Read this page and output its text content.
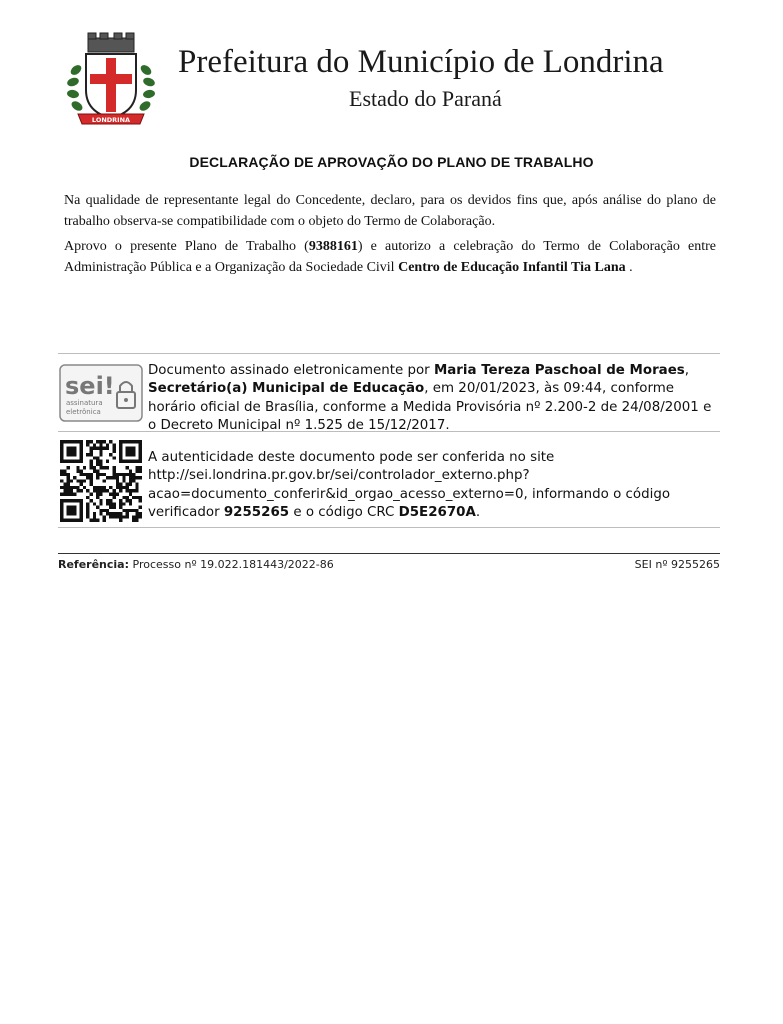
LONDRINA
Prefeitura do Município de Londrina
Estado do Paraná
DECLARAÇÃO DE APROVAÇÃO DO PLANO DE TRABALHO
Na qualidade de representante legal do Concedente, declaro, para os devidos fins que, após análise do plano de trabalho observa-se compatibilidade com o objeto do Termo de Colaboração.
Aprovo o presente Plano de Trabalho (9388161) e autorizo a celebração do Termo de Colaboração entre Administração Pública e a Organização da Sociedade Civil Centro de Educação Infantil Tia Lana .
sei!
assinatura
eletrônica
Documento assinado eletronicamente por Maria Tereza Paschoal de Moraes, Secretário(a) Municipal de Educação, em 20/01/2023, às 09:44, conforme horário oficial de Brasília, conforme a Medida Provisória nº 2.200-2 de 24/08/2001 e o Decreto Municipal nº 1.525 de 15/12/2017.
A autenticidade deste documento pode ser conferida no site http://sei.londrina.pr.gov.br/sei/controlador_externo.php?acao=documento_conferir&id_orgao_acesso_externo=0, informando o código verificador 9255265 e o código CRC D5E2670A.
Referência: Processo nº 19.022.181443/2022-86	SEI nº 9255265
